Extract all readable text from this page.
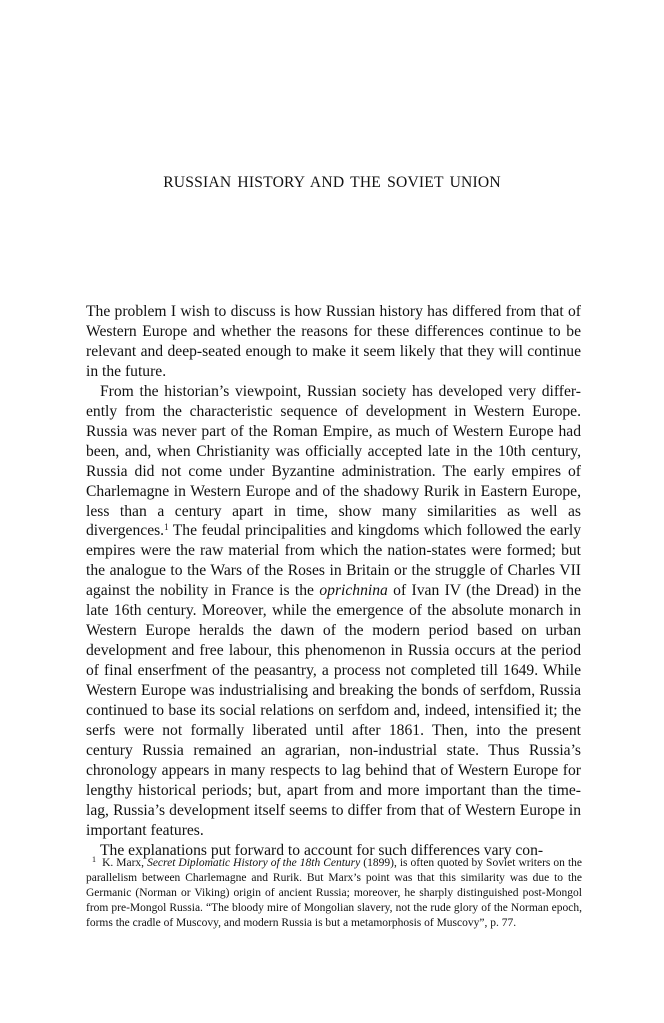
RUSSIAN HISTORY AND THE SOVIET UNION

The problem I wish to discuss is how Russian history has differed from that of Western Europe and whether the reasons for these differences continue to be relevant and deep-seated enough to make it seem likely that they will continue in the future.

From the historian’s viewpoint, Russian society has developed very differ-ently from the characteristic sequence of development in Western Europe. Russia was never part of the Roman Empire, as much of Western Europe had been, and, when Christianity was officially accepted late in the 10th century, Russia did not come under Byzantine administration. The early empires of Charlemagne in Western Europe and of the shadowy Rurik in Eastern Europe, less than a century apart in time, show many similarities as well as divergences.$^1$ The feudal principalities and kingdoms which followed the early empires were the raw material from which the nation-states were formed; but the analogue to the Wars of the Roses in Britain or the struggle of Charles VII against the nobility in France is the oprichnina of Ivan IV (the Dread) in the late 16th century. Moreover, while the emergence of the absolute monarch in Western Europe heralds the dawn of the modern period based on urban development and free labour, this phenomenon in Russia occurs at the period of final enserfment of the peasantry, a process not completed till 1649. While Western Europe was industrialising and breaking the bonds of serfdom, Russia continued to base its social relations on serfdom and, indeed, intensified it; the serfs were not formally liberated until after 1861. Then, into the present century Russia remained an agrarian, non-industrial state. Thus Russia’s chronology appears in many respects to lag behind that of Western Europe for lengthy historical periods; but, apart from and more important than the time-lag, Russia’s development itself seems to differ from that of Western Europe in important features.

The explanations put forward to account for such differences vary con-

$^1$ K. Marx, Secret Diplomatic History of the 18th Century (1899), is often quoted by Soviet writers on the parallelism between Charlemagne and Rurik. But Marx’s point was that this similarity was due to the Germanic (Norman or Viking) origin of ancient Russia; moreover, he sharply distinguished post-Mongol from pre-Mongol Russia. “The bloody mire of Mongolian slavery, not the rude glory of the Norman epoch, forms the cradle of Muscovy, and modern Russia is but a metamorphosis of Muscovy”, p. 77.
